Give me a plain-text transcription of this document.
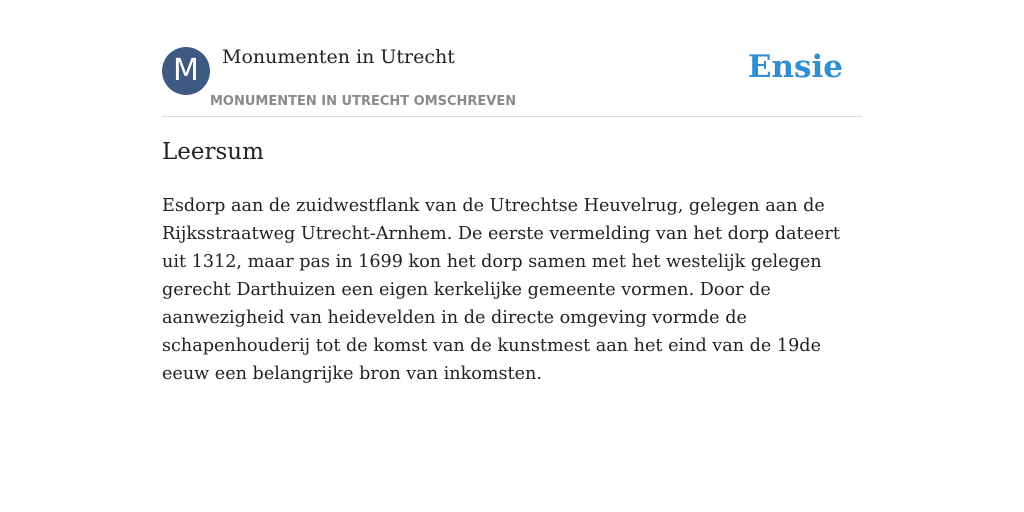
M	Monumenten in Utrecht
MONUMENTEN IN UTRECHT OMSCHREVEN
Ensie
Leersum

Esdorp aan de zuidwestflank van de Utrechtse Heuvelrug, gelegen aan de Rijksstraatweg Utrecht-Arnhem. De eerste vermelding van het dorp dateert uit 1312, maar pas in 1699 kon het dorp samen met het westelijk gelegen gerecht Darthuizen een eigen kerkelijke gemeente vormen. Door de aanwezigheid van heidevelden in de directe omgeving vormde de schapenhouderij tot de komst van de kunstmest aan het eind van de 19de eeuw een belangrijke bron van inkomsten.
